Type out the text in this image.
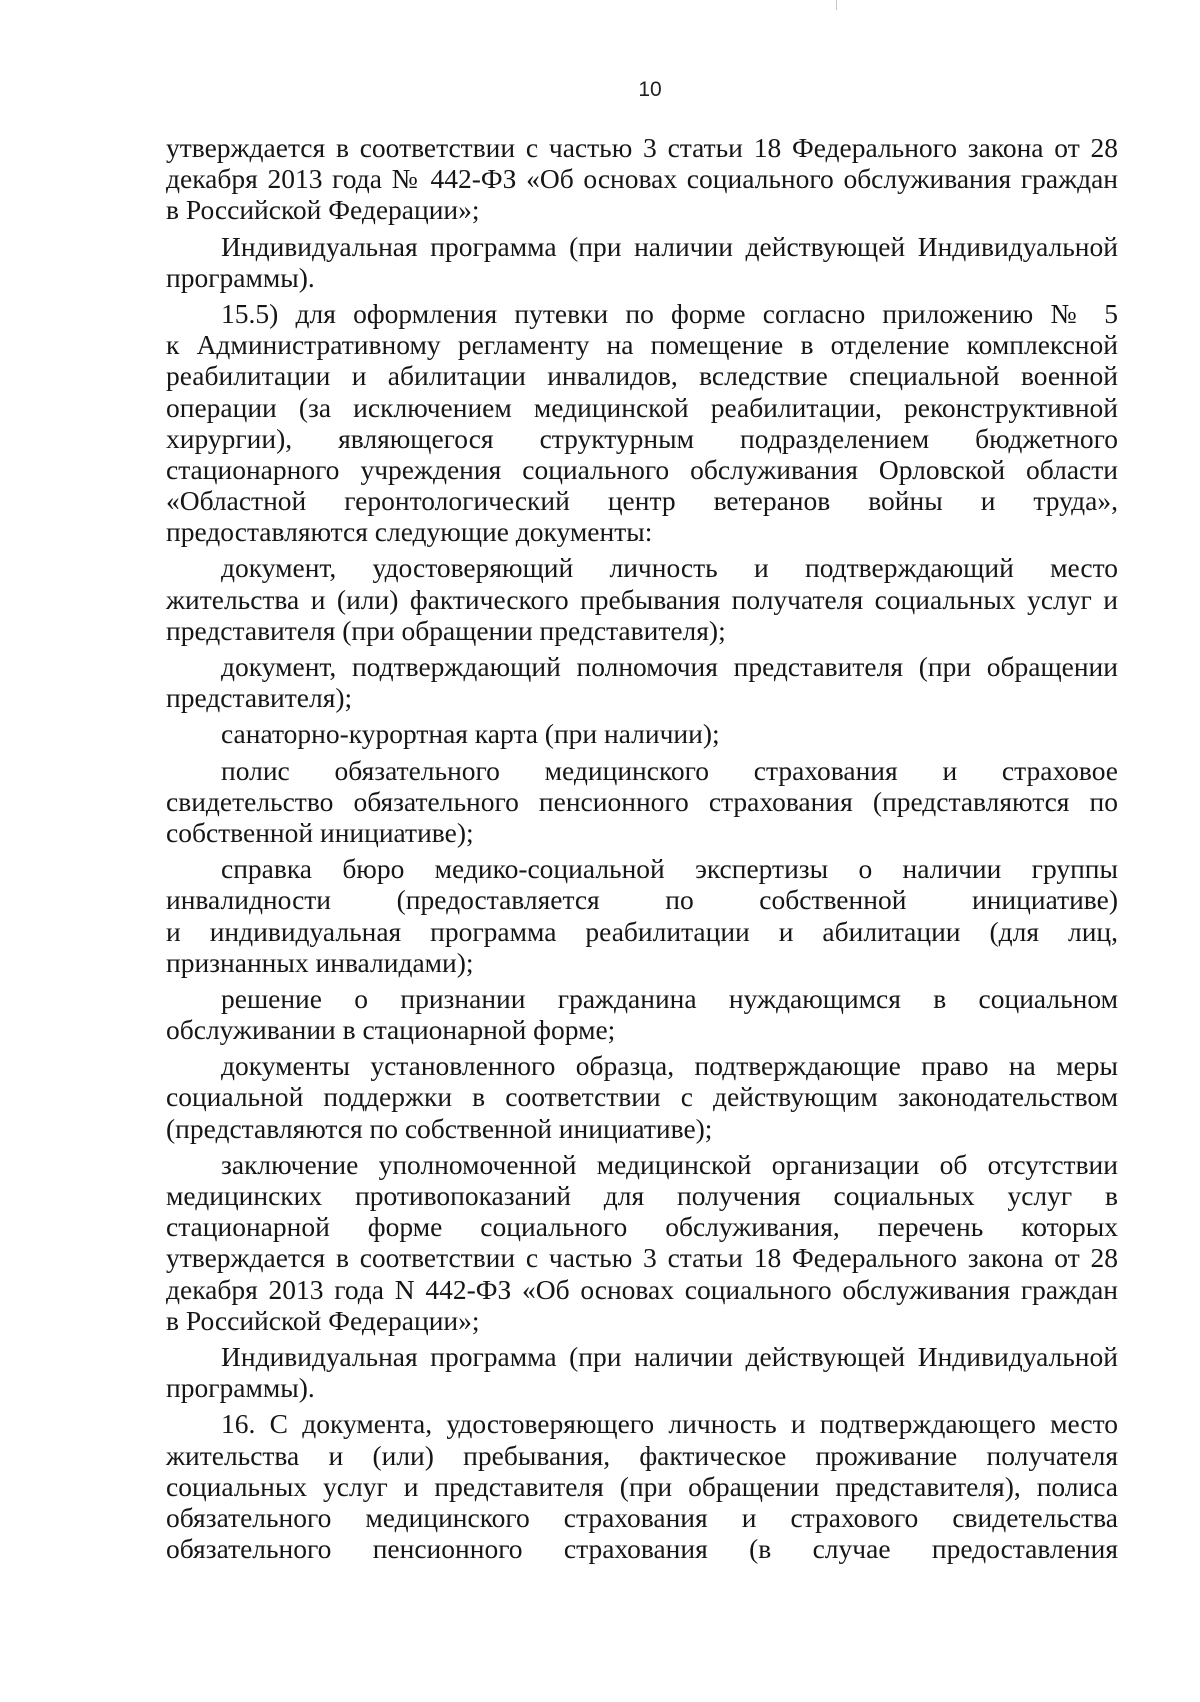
10
утверждается в соответствии с частью 3 статьи 18 Федерального закона от 28
декабря 2013 года № 442-ФЗ «Об основах социального обслуживания граждан
в Российской Федерации»;
Индивидуальная программа (при наличии действующей Индивидуальной
программы).
15.5) для оформления путевки по форме согласно приложению № 5
к Административному регламенту на помещение в отделение комплексной
реабилитации и абилитации инвалидов, вследствие специальной военной
операции (за исключением медицинской реабилитации, реконструктивной
хирургии), являющегося структурным подразделением бюджетного
стационарного учреждения социального обслуживания Орловской области
«Областной геронтологический центр ветеранов войны и труда»,
предоставляются следующие документы:
документ, удостоверяющий личность и подтверждающий место
жительства и (или) фактического пребывания получателя социальных услуг и
представителя (при обращении представителя);
документ, подтверждающий полномочия представителя (при обращении
представителя);
санаторно-курортная карта (при наличии);
полис обязательного медицинского страхования и страховое
свидетельство обязательного пенсионного страхования (представляются по
собственной инициативе);
справка бюро медико-социальной экспертизы о наличии группы
инвалидности (предоставляется по собственной инициативе)
и индивидуальная программа реабилитации и абилитации (для лиц,
признанных инвалидами);
решение о признании гражданина нуждающимся в социальном
обслуживании в стационарной форме;
документы установленного образца, подтверждающие право на меры
социальной поддержки в соответствии с действующим законодательством
(представляются по собственной инициативе);
заключение уполномоченной медицинской организации об отсутствии
медицинских противопоказаний для получения социальных услуг в
стационарной форме социального обслуживания, перечень которых
утверждается в соответствии с частью 3 статьи 18 Федерального закона от 28
декабря 2013 года N 442-ФЗ «Об основах социального обслуживания граждан
в Российской Федерации»;
Индивидуальная программа (при наличии действующей Индивидуальной
программы).
16. С документа, удостоверяющего личность и подтверждающего место
жительства и (или) пребывания, фактическое проживание получателя
социальных услуг и представителя (при обращении представителя), полиса
обязательного медицинского страхования и страхового свидетельства
обязательного пенсионного страхования (в случае предоставления
